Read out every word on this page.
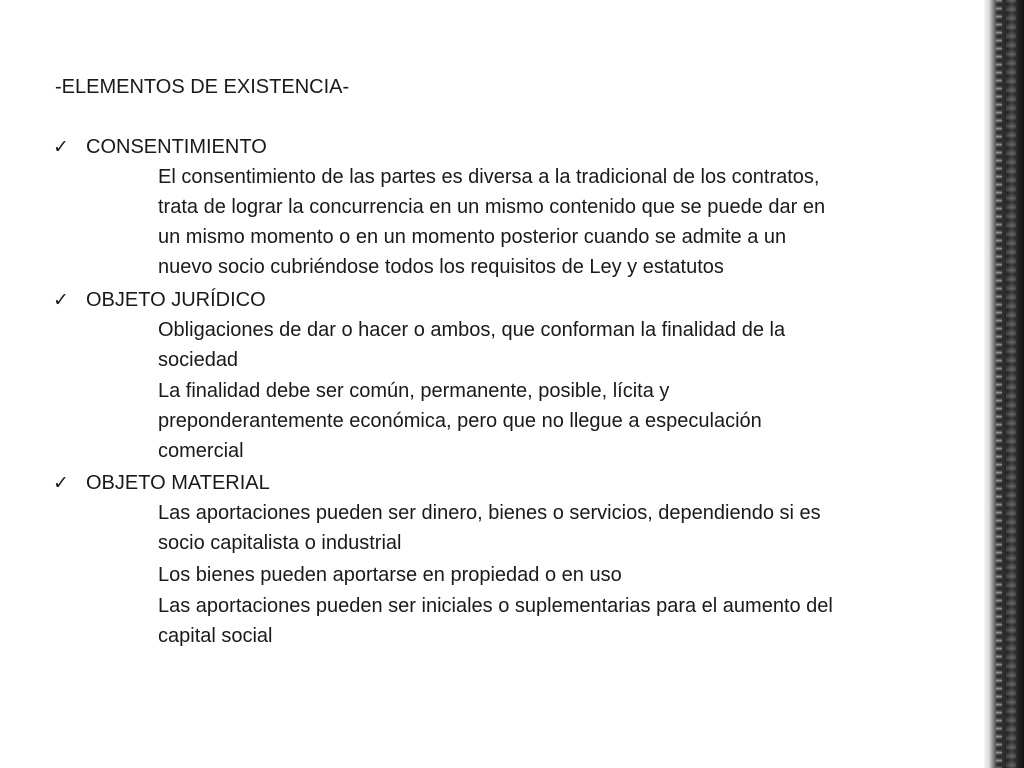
-ELEMENTOS DE EXISTENCIA-
✓ CONSENTIMIENTO
El consentimiento de las partes es diversa a la tradicional de los contratos,
trata de lograr la concurrencia en un mismo contenido que se puede dar en
un mismo momento o en un momento posterior cuando se admite a un
nuevo socio cubriéndose todos los requisitos de Ley y estatutos
✓ OBJETO JURÍDICO
Obligaciones de dar o hacer o ambos, que conforman la finalidad de la
sociedad
La finalidad debe ser común, permanente, posible, lícita y
preponderantemente económica, pero que no llegue a especulación
comercial
✓ OBJETO MATERIAL
Las aportaciones pueden ser dinero, bienes o servicios, dependiendo si es
socio capitalista o industrial
Los bienes pueden aportarse en propiedad o en uso
Las aportaciones pueden ser iniciales o suplementarias para el aumento del
capital social
